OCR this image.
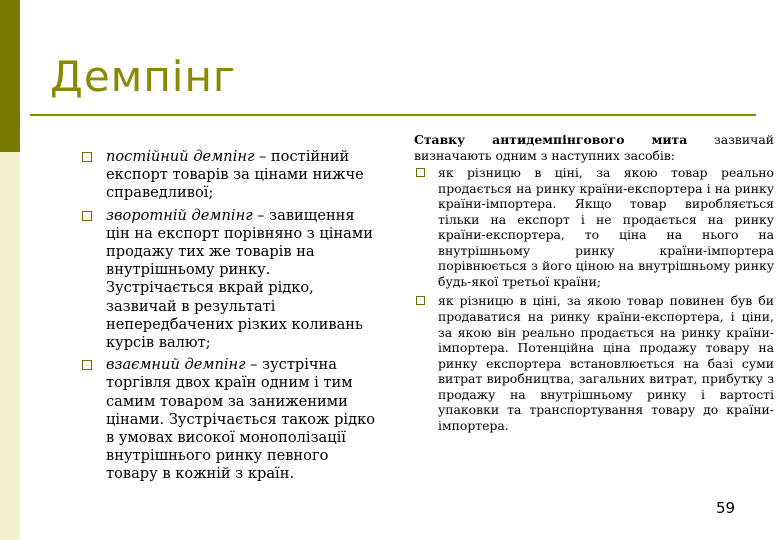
Демпінг
постійний демпінг – постійний експорт товарів за цінами нижче справедливої;
зворотній демпінг – завищення цін на експорт порівняно з цінами продажу тих же товарів на внутрішньому ринку. Зустрічається вкрай рідко, зазвичай в результаті непередбачених різких коливань курсів валют;
взаємний демпінг – зустрічна торгівля двох країн одним і тим самим товаром за заниженими цінами. Зустрічається також рідко в умовах високої монополізації внутрішнього ринку певного товару в кожній з країн.

Ставку антидемпінгового мита зазвичай визначають одним з наступних засобів:

як різницю в ціні, за якою товар реально продається на ринку країни-експортера і на ринку країни-імпортера. Якщо товар виробляється тільки на експорт і не продається на ринку країни-експортера, то ціна на нього на внутрішньому ринку країни-імпортера порівнюється з його ціною на внутрішньому ринку будь-якої третьої країни;
як різницю в ціні, за якою товар повинен був би продаватися на ринку країни-експортера, і ціни, за якою він реально продається на ринку країни-імпортера. Потенційна ціна продажу товару на ринку експортера встановлюється на базі суми витрат виробництва, загальних витрат, прибутку з продажу на внутрішньому ринку і вартості упаковки та транспортування товару до країни-імпортера.
59
